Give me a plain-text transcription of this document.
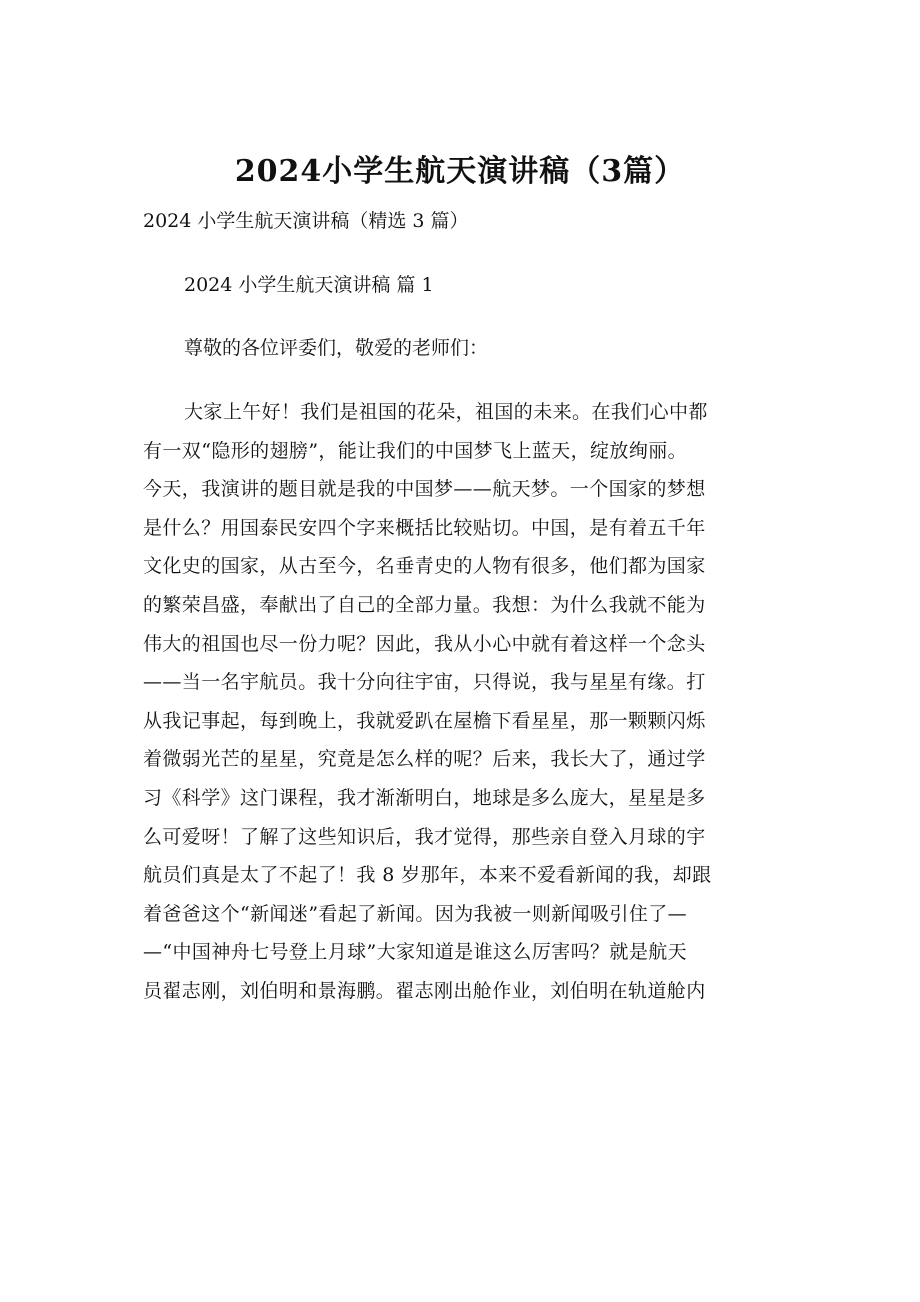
2024小学生航天演讲稿（3篇）

2024 小学生航天演讲稿（精选 3 篇）

2024 小学生航天演讲稿 篇 1

尊敬的各位评委们，敬爱的老师们：

大家上午好！我们是祖国的花朵，祖国的未来。在我们心中都

有一双“隐形的翅膀”，能让我们的中国梦飞上蓝天，绽放绚丽。

今天，我演讲的题目就是我的中国梦——航天梦。一个国家的梦想

是什么？用国泰民安四个字来概括比较贴切。中国，是有着五千年

文化史的国家，从古至今，名垂青史的人物有很多，他们都为国家

的繁荣昌盛，奉献出了自己的全部力量。我想：为什么我就不能为

伟大的祖国也尽一份力呢？因此，我从小心中就有着这样一个念头

——当一名宇航员。我十分向往宇宙，只得说，我与星星有缘。打

从我记事起，每到晚上，我就爱趴在屋檐下看星星，那一颗颗闪烁

着微弱光芒的星星，究竟是怎么样的呢？后来，我长大了，通过学

习《科学》这门课程，我才渐渐明白，地球是多么庞大，星星是多

么可爱呀！了解了这些知识后，我才觉得，那些亲自登入月球的宇

航员们真是太了不起了！我 8 岁那年，本来不爱看新闻的我，却跟

着爸爸这个“新闻迷”看起了新闻。因为我被一则新闻吸引住了—

—“中国神舟七号登上月球”大家知道是谁这么厉害吗？就是航天

员翟志刚，刘伯明和景海鹏。翟志刚出舱作业，刘伯明在轨道舱内
